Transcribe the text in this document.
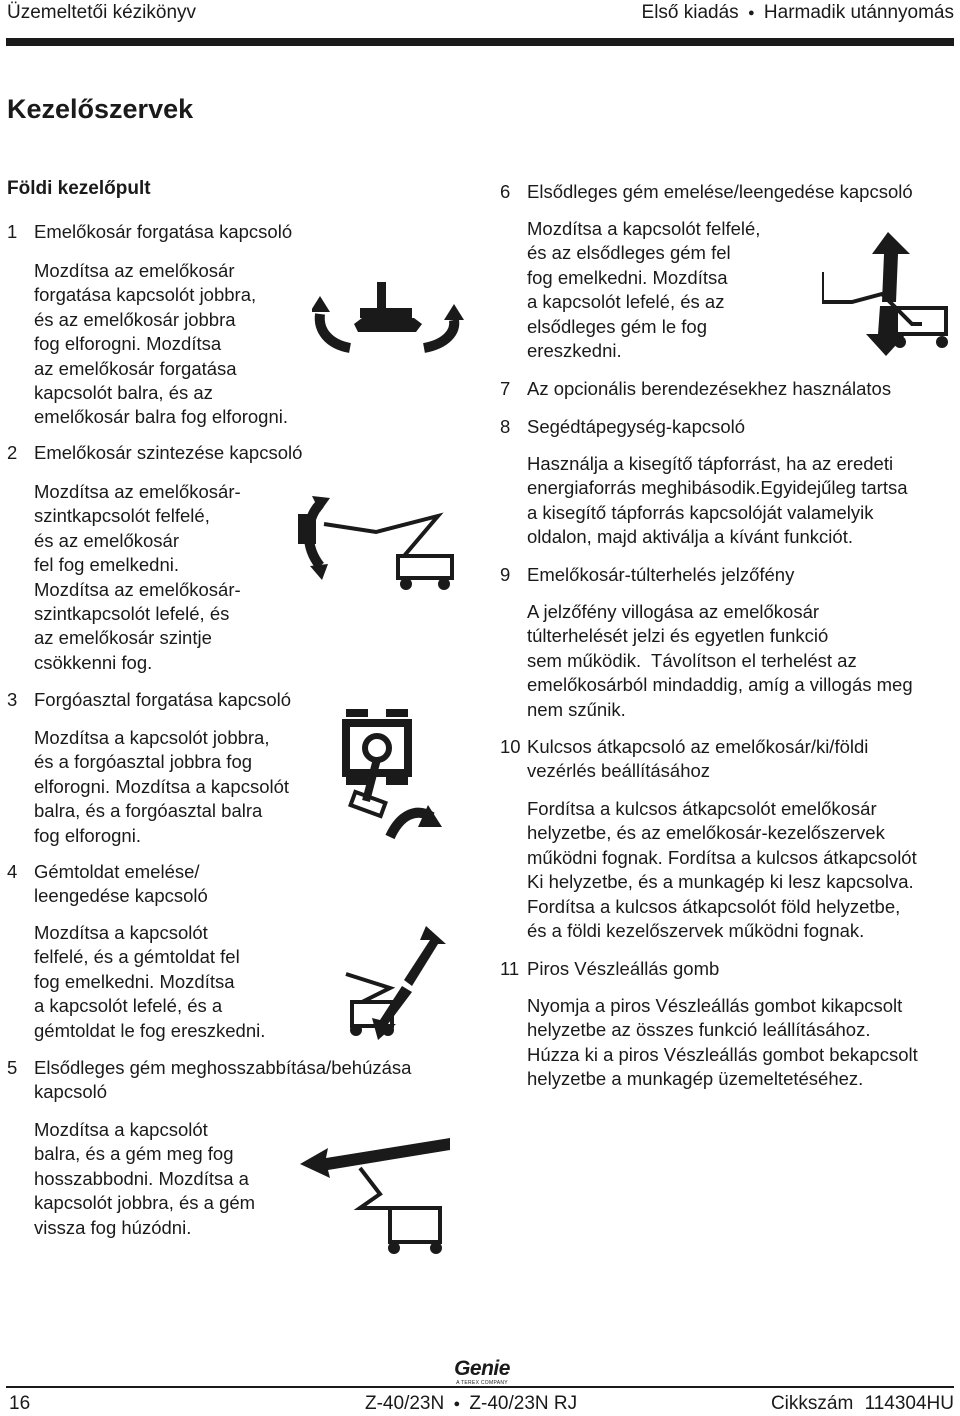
Üzemeltetői kézikönyv	Első kiadás ● Harmadik utánnyomás
Kezelőszervek
Földi kezelőpult
1 Emelőkosár forgatása kapcsoló
Mozdítsa az emelőkosár
forgatása kapcsolót jobbra,
és az emelőkosár jobbra
fog elforogni. Mozdítsa
az emelőkosár forgatása
kapcsolót balra, és az
emelőkosár balra fog elforogni.
2 Emelőkosár szintezése kapcsoló
Mozdítsa az emelőkosár-
szintkapcsolót felfelé,
és az emelőkosár
fel fog emelkedni.
Mozdítsa az emelőkosár-
szintkapcsolót lefelé, és
az emelőkosár szintje
csökkenni fog.
3 Forgóasztal forgatása kapcsoló
Mozdítsa a kapcsolót jobbra,
és a forgóasztal jobbra fog
elforogni. Mozdítsa a kapcsolót
balra, és a forgóasztal balra
fog elforogni.
4 Gémtoldat emelése/
leengedése kapcsoló
Mozdítsa a kapcsolót
felfelé, és a gémtoldat fel
fog emelkedni. Mozdítsa
a kapcsolót lefelé, és a
gémtoldat le fog ereszkedni.
5 Elsődleges gém meghosszabbítása/behúzása
kapcsoló
Mozdítsa a kapcsolót
balra, és a gém meg fog
hosszabbodni. Mozdítsa a
kapcsolót jobbra, és a gém
vissza fog húzódni.
6 Elsődleges gém emelése/leengedése kapcsoló
Mozdítsa a kapcsolót felfelé,
és az elsődleges gém fel
fog emelkedni. Mozdítsa
a kapcsolót lefelé, és az
elsődleges gém le fog
ereszkedni.
7 Az opcionális berendezésekhez használatos
8 Segédtápegység-kapcsoló
Használja a kisegítő tápforrást, ha az eredeti
energiaforrás meghibásodik.Egyidejűleg tartsa
a kisegítő tápforrás kapcsolóját valamelyik
oldalon, majd aktiválja a kívánt funkciót.
9 Emelőkosár-túlterhelés jelzőfény
A jelzőfény villogása az emelőkosár
túlterhelését jelzi és egyetlen funkció
sem működik.  Távolítson el terhelést az
emelőkosárból mindaddig, amíg a villogás meg
nem szűnik.
10 Kulcsos átkapcsoló az emelőkosár/ki/földi
vezérlés beállításához
Fordítsa a kulcsos átkapcsolót emelőkosár
helyzetbe, és az emelőkosár-kezelőszervek
működni fognak. Fordítsa a kulcsos átkapcsolót
Ki helyzetbe, és a munkagép ki lesz kapcsolva.
Fordítsa a kulcsos átkapcsolót föld helyzetbe,
és a földi kezelőszervek működni fognak.
11 Piros Vészleállás gomb
Nyomja a piros Vészleállás gombot kikapcsolt
helyzetbe az összes funkció leállításához.
Húzza ki a piros Vészleállás gombot bekapcsolt
helyzetbe a munkagép üzemeltetéséhez.
Genie
A TEREX COMPANY
16	Z-40/23N ● Z-40/23N RJ	Cikkszám 114304HU
